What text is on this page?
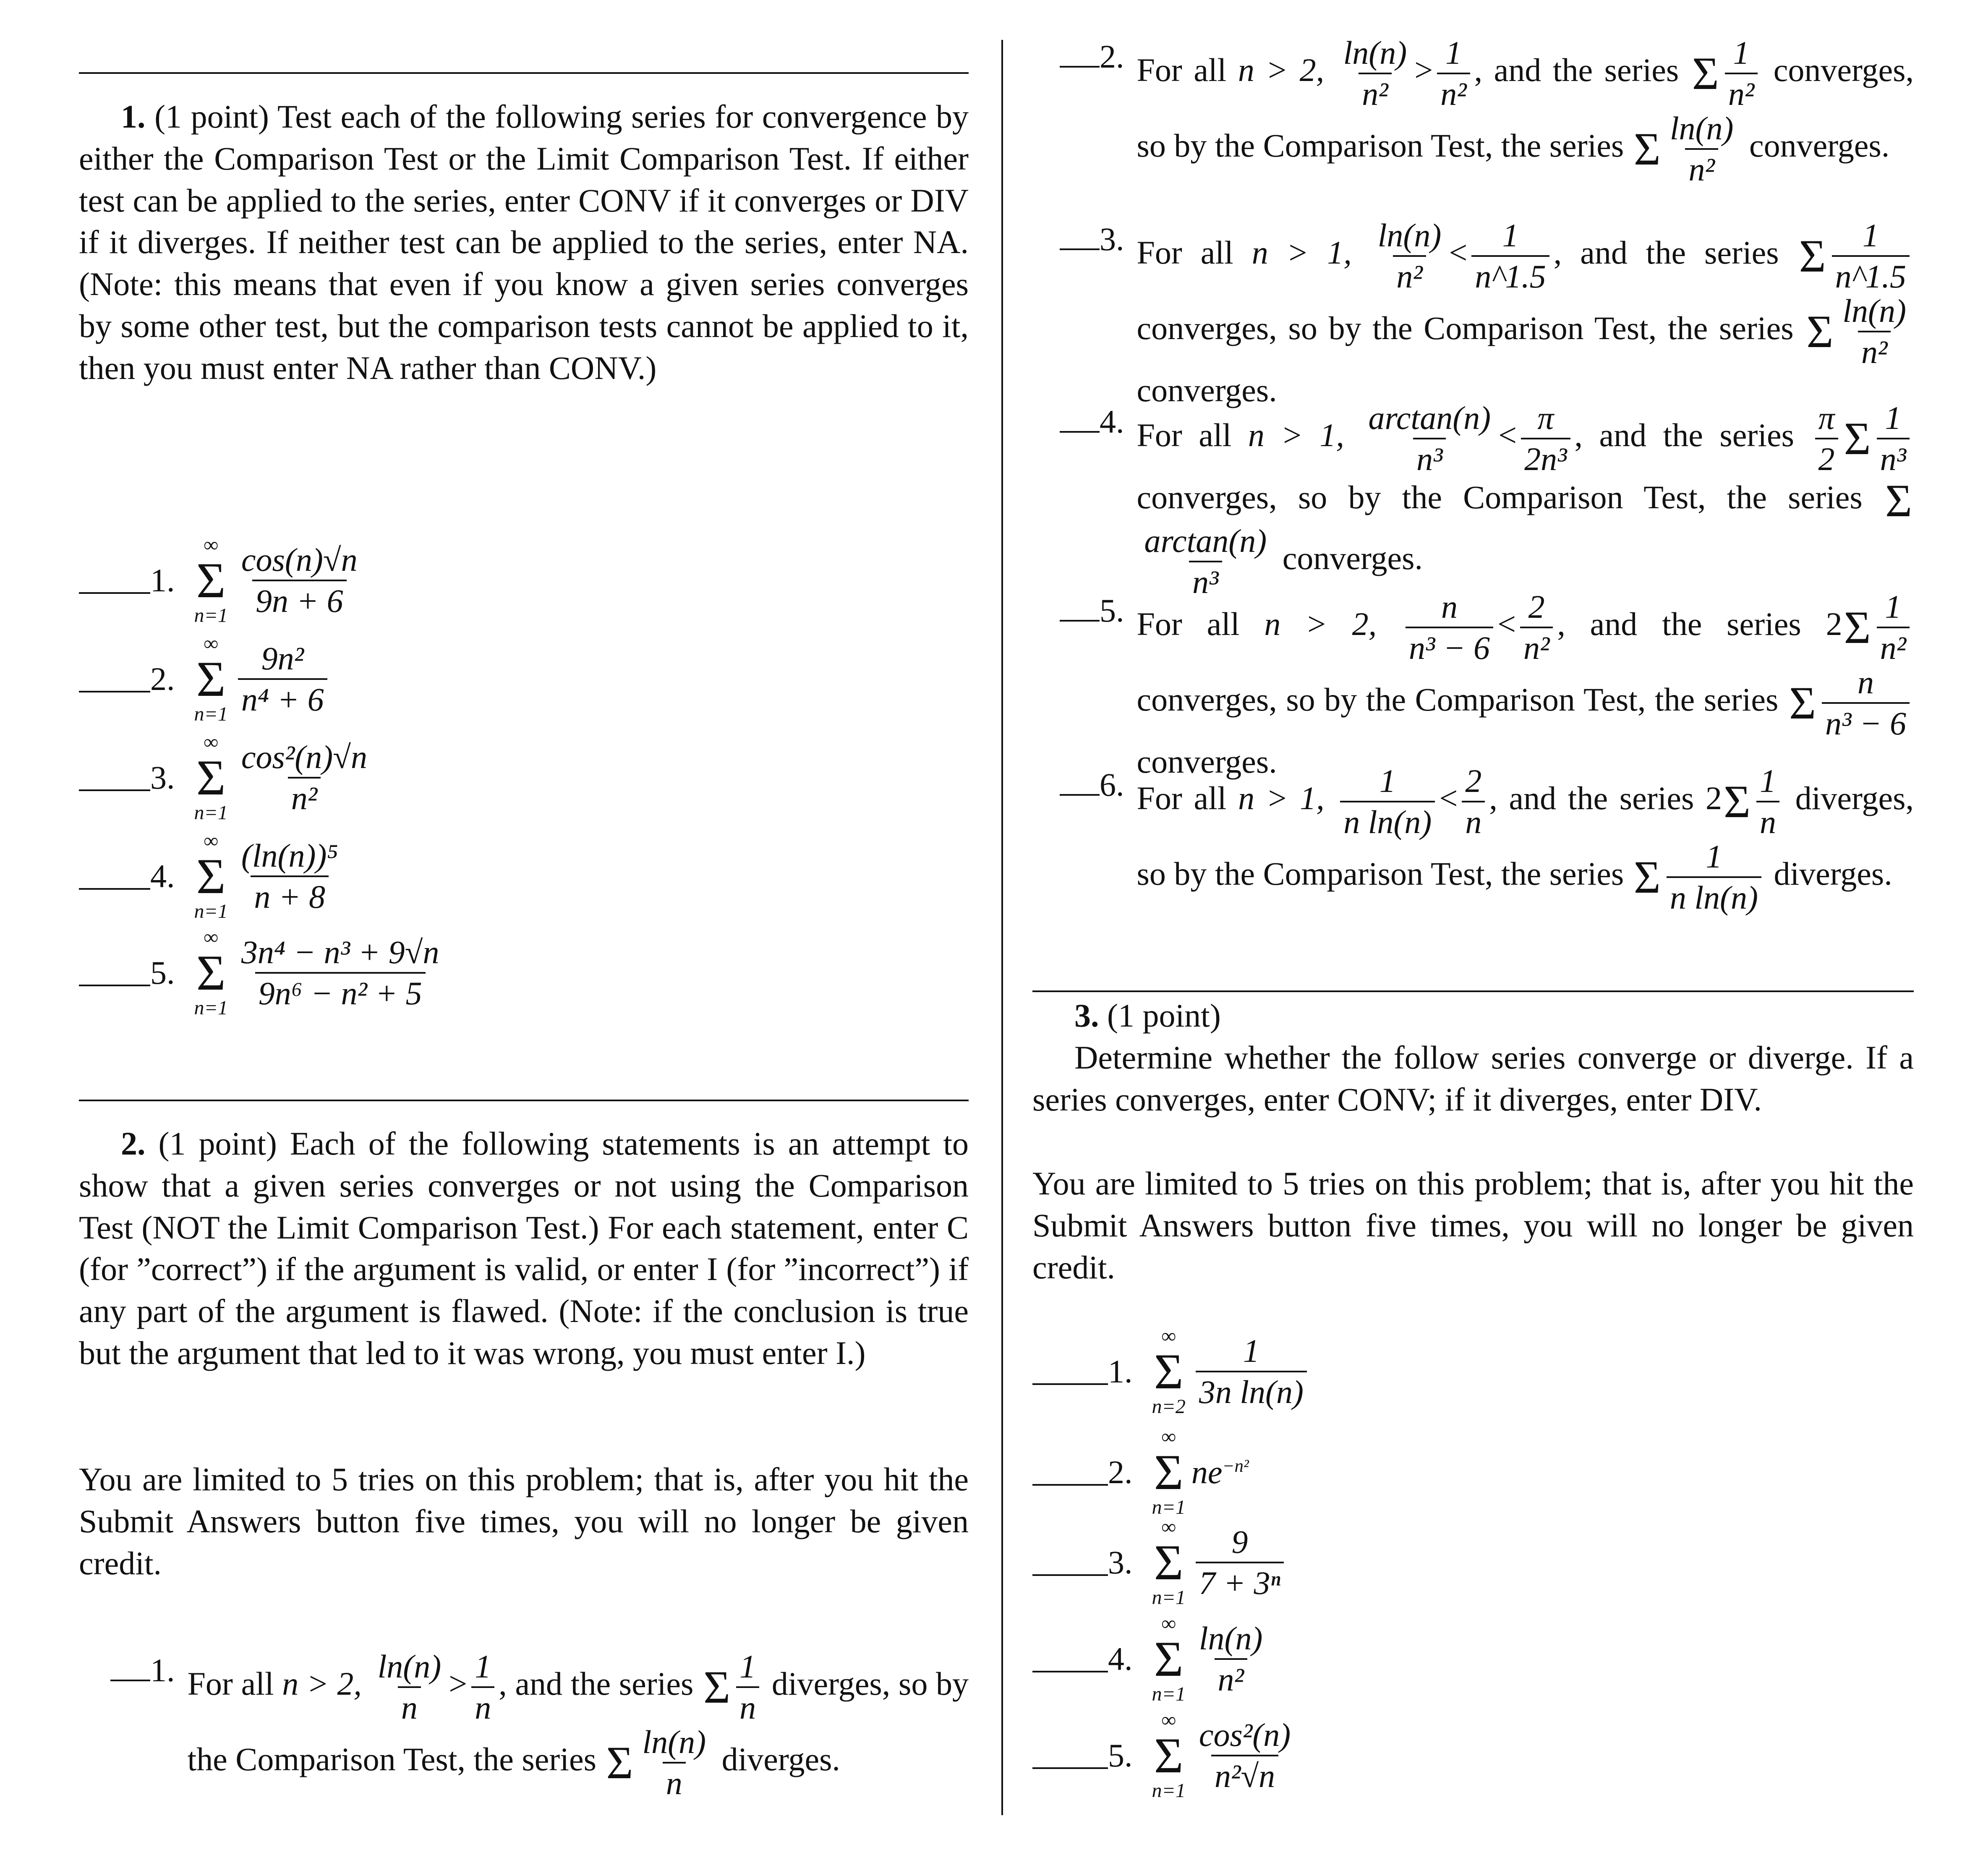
1. (1 point) Test each of the following series for convergence by either the Comparison Test or the Limit Comparison Test. If either test can be applied to the series, enter CONV if it converges or DIV if it diverges. If neither test can be applied to the series, enter NA. (Note: this means that even if you know a given series converges by some other test, but the comparison tests cannot be applied to it, then you must enter NA rather than CONV.)

1.
∞
Σ
$n=1 \frac{\cos(n)√n}{9n + 6}$
2.
∞
Σ
$n=1 \frac{\text{9n²}}{\text{n⁴ + 6}}$
3.
∞
Σ
$n=1 \frac{\text{cos²(n)√n}}{\text{n²}}$
4.
∞
Σ
$n=1 \frac{\text{(ln(n))⁵}}{n + 8}$
5.
∞
Σ
$n=1 \frac{\text{3n⁴ − n³ + 9√n}}{\text{9n⁶ − n² + 5}}$

2. (1 point) Each of the following statements is an attempt to show that a given series converges or not using the Comparison Test (NOT the Limit Comparison Test.) For each statement, enter C (for ”correct”) if the argument is valid, or enter I (for ”incorrect”) if any part of the argument is flawed. (Note: if the conclusion is true but the argument that led to it was wrong, you must enter I.)

You are limited to 5 tries on this problem; that is, after you hit the Submit Answers button five times, you will no longer be given credit.

1. For all n > 2, $\frac{\ln(n)}{n} > \frac{1}{n}$ , and the series Σ $\frac{1}{n}$ diverges, so by the Comparison Test, the series Σ $\frac{\ln(n)}{n}$ diverges.
2. For all n > 2, $\frac{\ln(n)}{\text{n²}} > \frac{1}{\text{n²}}$ , and the series Σ $\frac{1}{\text{n²}}$ converges, so by the Comparison Test, the series Σ $\frac{\ln(n)}{\text{n²}}$ converges.
3. For all n > 1, $\frac{\ln(n)}{\text{n²}} < \frac{1}{n\^{}1.5}$ , and the series Σ $\frac{1}{n\^{}1.5}$
converges, so by the Comparison Test, the series Σ $\frac{\ln(n)}{\text{n²}}$
converges.
4. For all n > 1, $\frac{\arctan(n)}{\text{n³}} < \frac{\pi}{\text{2n³}}$ , and the series $\frac{\pi}{2}$ Σ $\frac{1}{\text{n³}}$
converges, so by the Comparison Test, the series Σ
$\frac{\arctan(n)}{\text{n³}}$ converges.
5. For all n > 2, $\frac{n}{\text{n³ − 6}} < \frac{2}{\text{n²}}$ , and the series $2\Sigma \frac{1}{\text{n²}}$
converges, so by the Comparison Test, the series Σ $\frac{n}{\text{n³ − 6}}$
converges.
6. For all n > 1, $\frac{1}{\text{n ln(n)}} < \frac{2}{n}$ , and the series $2\Sigma \frac{1}{n}$ diverges, so by the Comparison Test, the series Σ $\frac{1}{\text{n ln(n)}}$ diverges.

3. (1 point)

Determine whether the follow series converge or diverge. If a series converges, enter CONV; if it diverges, enter DIV.

You are limited to 5 tries on this problem; that is, after you hit the Submit Answers button five times, you will no longer be given credit.

1.
∞
Σ
$n=2 \frac{1}{\text{3n ln(n)}}$
2.
∞
Σ
n=1
$ne^{-n^2}$
3.
∞
Σ
$n=1 \frac{9}{\text{7 + 3ⁿ}}$
4.
∞
Σ
$n=1 \frac{\ln(n)}{\text{n²}}$
5.
∞
Σ
$n=1 \frac{\text{cos²(n)}}{\text{n²√n}}$
